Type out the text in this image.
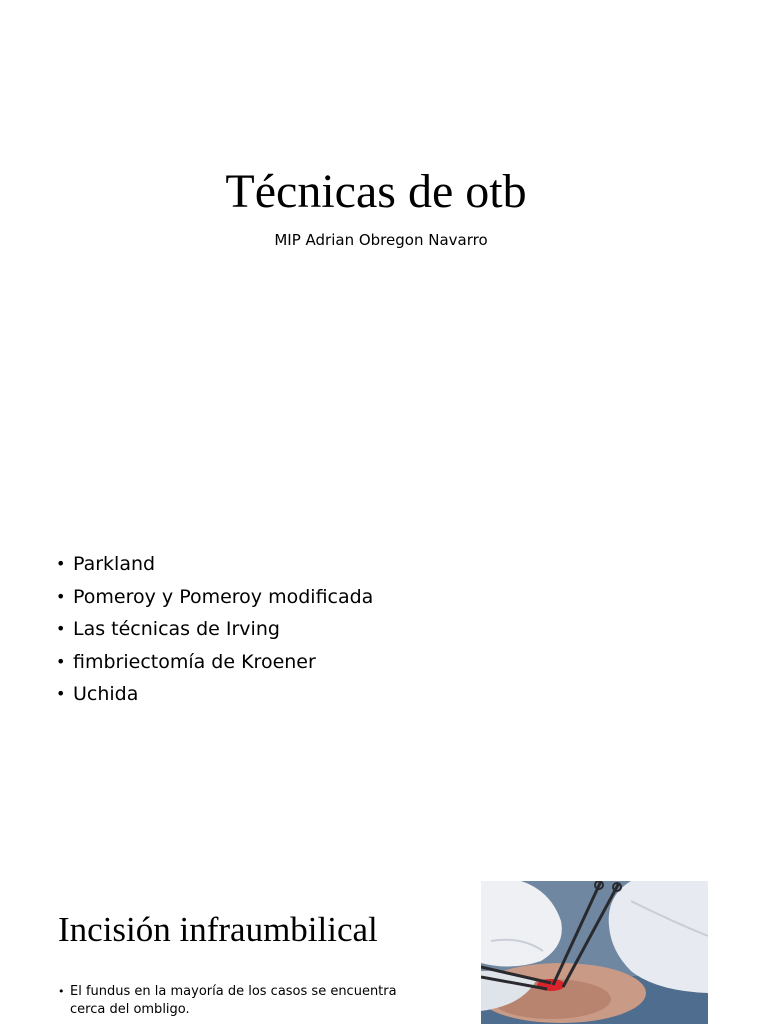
Técnicas de otb

MIP Adrian Obregon Navarro

• Parkland
• Pomeroy y Pomeroy modificada
• Las técnicas de Irving
• fimbriectomía de Kroener
• Uchida
Incisión infraumbilical
• El fundus en la mayoría de los casos se encuentra cerca del ombligo.
